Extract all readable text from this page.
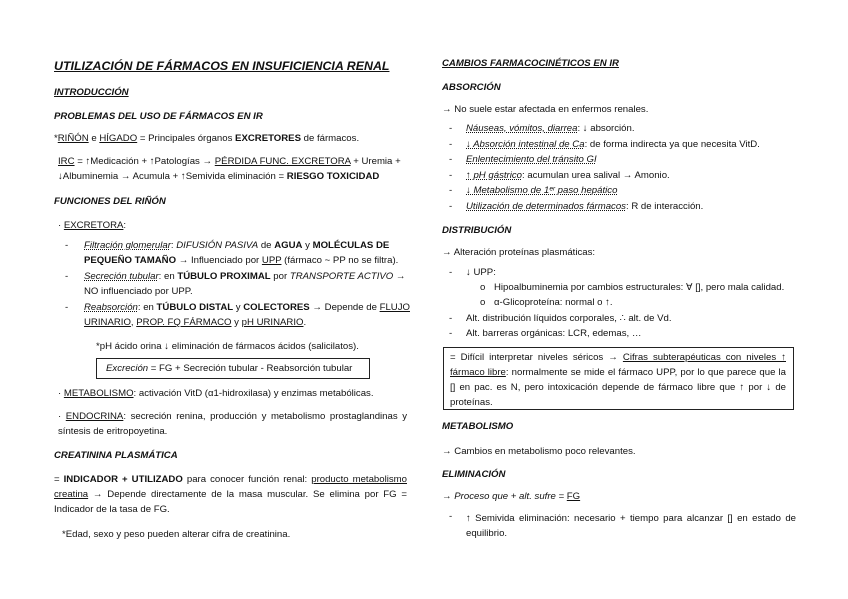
UTILIZACIÓN DE FÁRMACOS EN INSUFICIENCIA RENAL
INTRODUCCIÓN
PROBLEMAS DEL USO DE FÁRMACOS EN IR
*RIÑÓN e HÍGADO = Principales órganos EXCRETORES de fármacos.
IRC = ↑Medicación + ↑Patologías → PÉRDIDA FUNC. EXCRETORA + Uremia +
↓Albuminemia → Acumula + ↑Semivida eliminación = RIESGO TOXICIDAD
FUNCIONES DEL RIÑÓN
· EXCRETORA:
- Filtración glomerular: DIFUSIÓN PASIVA de AGUA y MOLÉCULAS DE
PEQUEÑO TAMAÑO → Influenciado por UPP (fármaco ~ PP no se filtra).
- Secreción tubular: en TÚBULO PROXIMAL por TRANSPORTE ACTIVO →
NO influenciado por UPP.
- Reabsorción: en TÚBULO DISTAL y COLECTORES → Depende de FLUJO
URINARIO, PROP. FQ FÁRMACO y pH URINARIO.
*pH ácido orina ↓ eliminación de fármacos ácidos (salicilatos).
Excreción = FG + Secreción tubular - Reabsorción tubular
· METABOLISMO: activación VitD (α1-hidroxilasa) y enzimas metabólicas.
· ENDOCRINA: secreción renina, producción y metabolismo prostaglandinas y síntesis de eritropoyetina.
CREATININA PLASMÁTICA
= INDICADOR + UTILIZADO para conocer función renal: producto metabolismo creatina → Depende directamente de la masa muscular. Se elimina por FG = Indicador de la tasa de FG.
*Edad, sexo y peso pueden alterar cifra de creatinina.
CAMBIOS FARMACOCINÉTICOS EN IR
ABSORCIÓN
→ No suele estar afectada en enfermos renales.
- Náuseas, vómitos, diarrea: ↓ absorción.
- ↓ Absorción intestinal de Ca: de forma indirecta ya que necesita VitD.
- Enlentecimiento del tránsito GI
- ↑ pH gástrico: acumulan urea salival → Amonio.
- ↓ Metabolismo de 1ᵉʳ paso hepático
- Utilización de determinados fármacos: R de interacción.
DISTRIBUCIÓN
→ Alteración proteínas plasmáticas:
- ↓ UPP:
o Hipoalbuminemia por cambios estructurales: ∀ [], pero mala calidad.
o α-Glicoproteína: normal o ↑.
- Alt. distribución líquidos corporales, ∴ alt. de Vd.
- Alt. barreras orgánicas: LCR, edemas, …
= Difícil interpretar niveles séricos → Cifras subterapéuticas con niveles ↑ fármaco libre: normalmente se mide el fármaco UPP, por lo que parece que la [] en pac. es N, pero intoxicación depende de fármaco libre que ↑ por ↓ de proteínas.
METABOLISMO
→ Cambios en metabolismo poco relevantes.
ELIMINACIÓN
→ Proceso que + alt. sufre = FG
- ↑ Semivida eliminación: necesario + tiempo para alcanzar [] en estado de equilibrio.
